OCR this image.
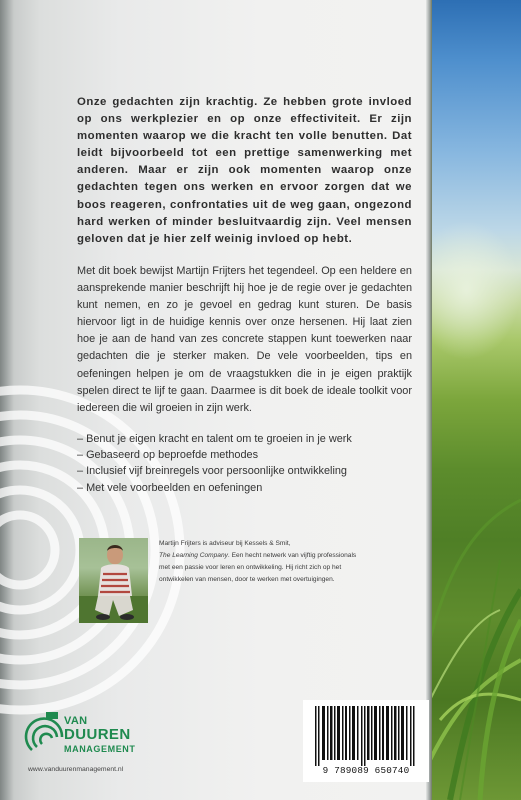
Onze gedachten zijn krachtig. Ze hebben grote invloed op ons werkplezier en op onze effectiviteit. Er zijn momenten waarop we die kracht ten volle benutten. Dat leidt bijvoorbeeld tot een prettige samenwerking met anderen. Maar er zijn ook momenten waarop onze gedachten tegen ons werken en ervoor zorgen dat we boos reageren, confrontaties uit de weg gaan, ongezond hard werken of minder besluitvaardig zijn. Veel mensen geloven dat je hier zelf weinig invloed op hebt.
Met dit boek bewijst Martijn Frijters het tegendeel. Op een heldere en aansprekende manier beschrijft hij hoe je de regie over je gedachten kunt nemen, en zo je gevoel en gedrag kunt sturen. De basis hiervoor ligt in de huidige kennis over onze hersenen. Hij laat zien hoe je aan de hand van zes concrete stappen kunt toewerken naar gedachten die je sterker maken. De vele voorbeelden, tips en oefeningen helpen je om de vraagstukken die in je eigen praktijk spelen direct te lijf te gaan. Daarmee is dit boek de ideale toolkit voor iedereen die wil groeien in zijn werk.
– Benut je eigen kracht en talent om te groeien in je werk
– Gebaseerd op beproefde methodes
– Inclusief vijf breinregels voor persoonlijke ontwikkeling
– Met vele voorbeelden en oefeningen
Martijn Frijters is adviseur bij Kessels & Smit,
The Learning Company. Een hecht netwerk van vijftig professionals met een passie voor leren en ontwikkeling. Hij richt zich op het ontwikkelen van mensen, door te werken met overtuigingen.
VAN
DUUREN
MANAGEMENT
www.vanduurenmanagement.nl	9 789089 650740
